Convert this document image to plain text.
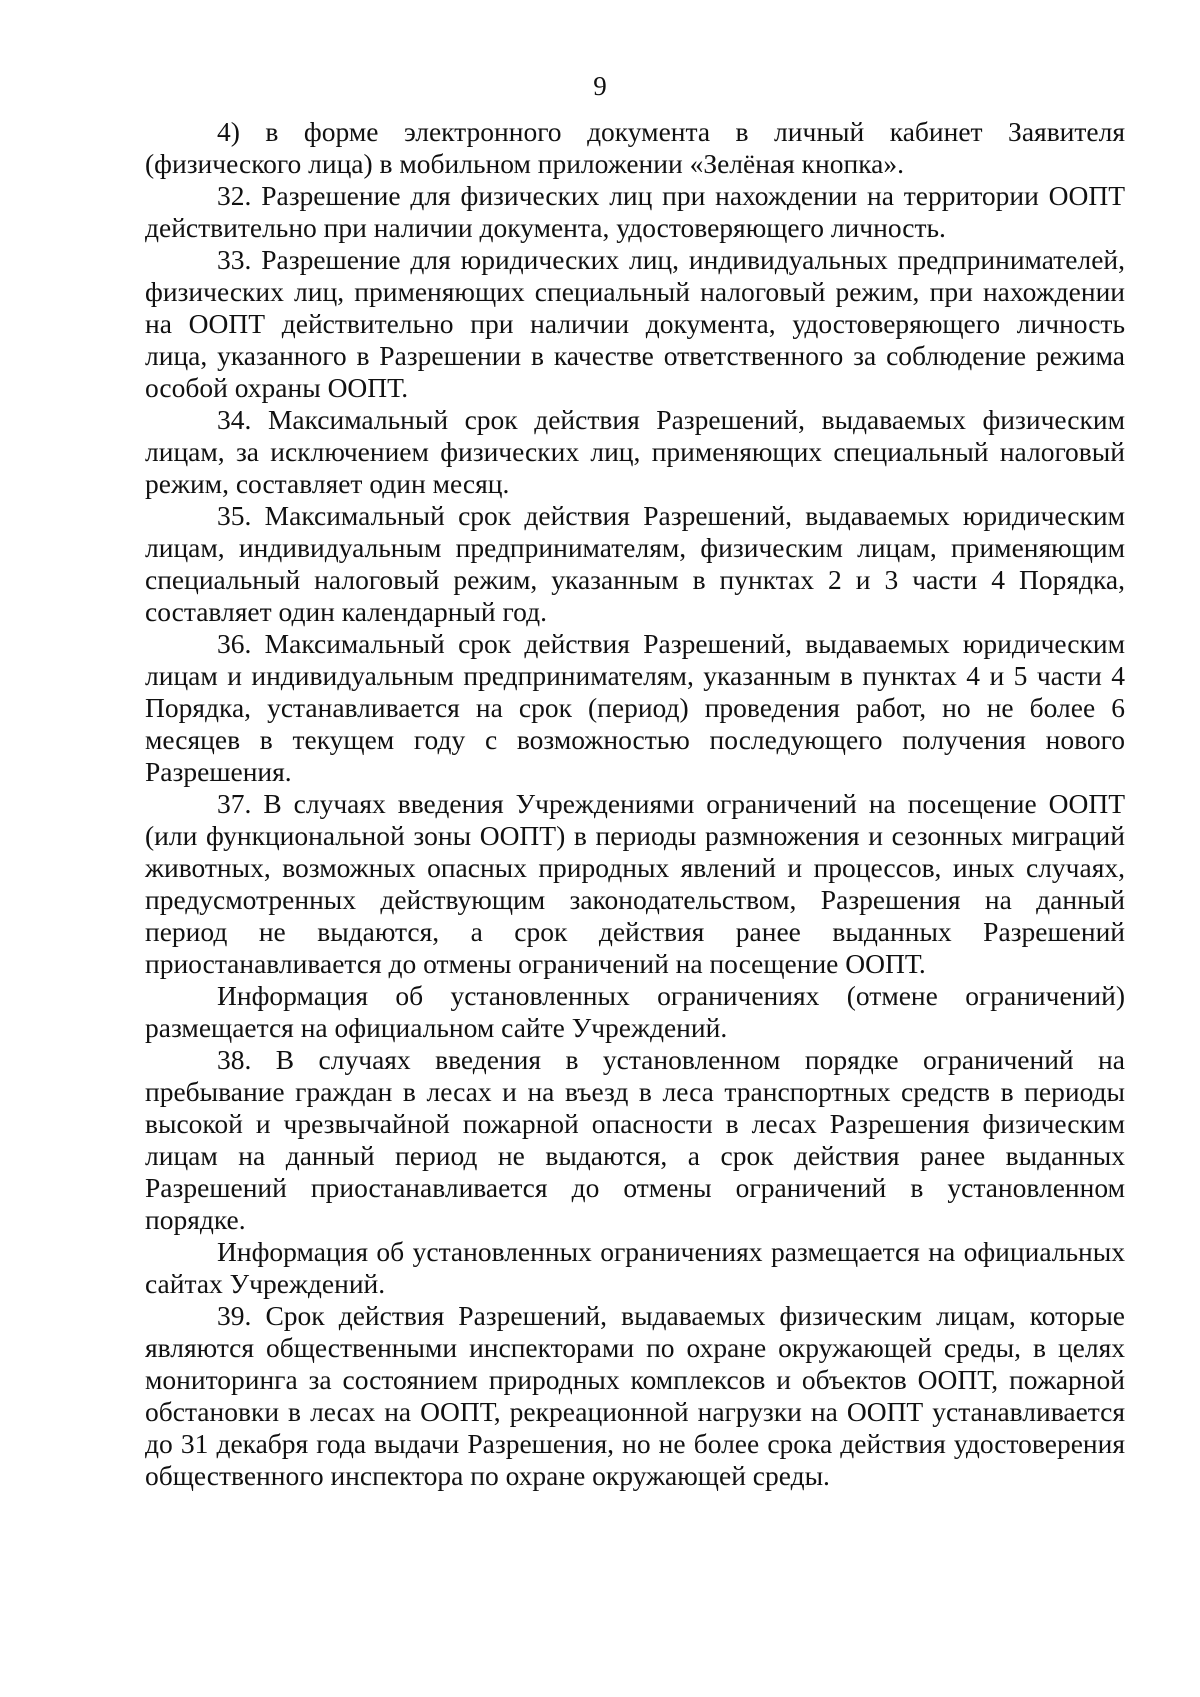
9

4) в форме электронного документа в личный кабинет Заявителя (физического лица) в мобильном приложении «Зелёная кнопка».

32. Разрешение для физических лиц при нахождении на территории ООПТ действительно при наличии документа, удостоверяющего личность.

33. Разрешение для юридических лиц, индивидуальных предпринимателей, физических лиц, применяющих специальный налоговый режим, при нахождении на ООПТ действительно при наличии документа, удостоверяющего личность лица, указанного в Разрешении в качестве ответственного за соблюдение режима особой охраны ООПТ.

34. Максимальный срок действия Разрешений, выдаваемых физическим лицам, за исключением физических лиц, применяющих специальный налоговый режим, составляет один месяц.

35. Максимальный срок действия Разрешений, выдаваемых юридическим лицам, индивидуальным предпринимателям, физическим лицам, применяющим специальный налоговый режим, указанным в пунктах 2 и 3 части 4 Порядка, составляет один календарный год.

36. Максимальный срок действия Разрешений, выдаваемых юридическим лицам и индивидуальным предпринимателям, указанным в пунктах 4 и 5 части 4 Порядка, устанавливается на срок (период) проведения работ, но не более 6 месяцев в текущем году с возможностью последующего получения нового Разрешения.

37. В случаях введения Учреждениями ограничений на посещение ООПТ (или функциональной зоны ООПТ) в периоды размножения и сезонных миграций животных, возможных опасных природных явлений и процессов, иных случаях, предусмотренных действующим законодательством, Разрешения на данный период не выдаются, а срок действия ранее выданных Разрешений приостанавливается до отмены ограничений на посещение ООПТ.

Информация об установленных ограничениях (отмене ограничений) размещается на официальном сайте Учреждений.

38. В случаях введения в установленном порядке ограничений на пребывание граждан в лесах и на въезд в леса транспортных средств в периоды высокой и чрезвычайной пожарной опасности в лесах Разрешения физическим лицам на данный период не выдаются, а срок действия ранее выданных Разрешений приостанавливается до отмены ограничений в установленном порядке.

Информация об установленных ограничениях размещается на официальных сайтах Учреждений.

39. Срок действия Разрешений, выдаваемых физическим лицам, которые являются общественными инспекторами по охране окружающей среды, в целях мониторинга за состоянием природных комплексов и объектов ООПТ, пожарной обстановки в лесах на ООПТ, рекреационной нагрузки на ООПТ устанавливается до 31 декабря года выдачи Разрешения, но не более срока действия удостоверения общественного инспектора по охране окружающей среды.
